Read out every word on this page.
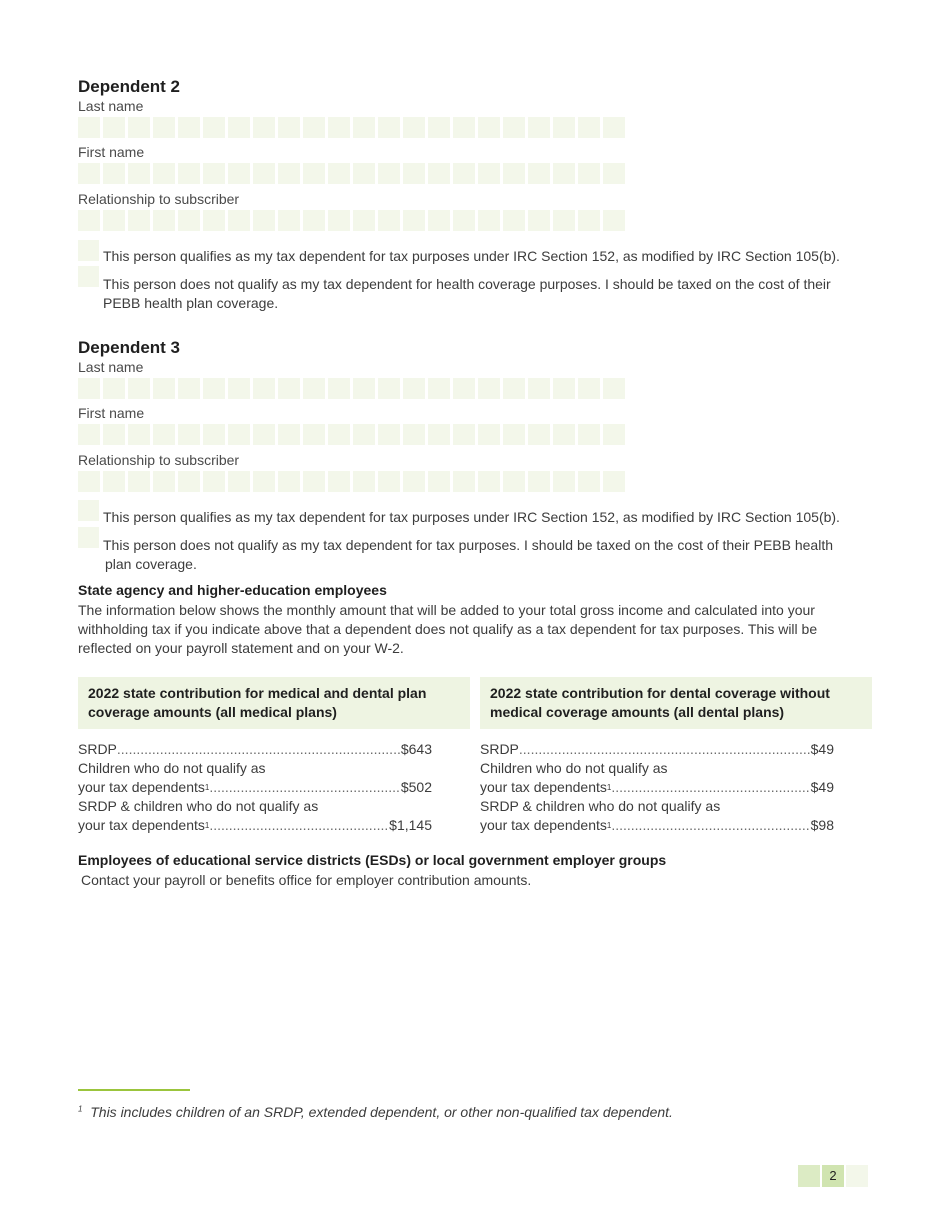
Dependent 2
Last name
First name
Relationship to subscriber
This person qualifies as my tax dependent for tax purposes under IRC Section 152, as modified by IRC Section 105(b).
This person does not qualify as my tax dependent for health coverage purposes. I should be taxed on the cost of their
PEBB health plan coverage.
Dependent 3
Last name
First name
Relationship to subscriber
This person qualifies as my tax dependent for tax purposes under IRC Section 152, as modified by IRC Section 105(b).
This person does not qualify as my tax dependent for tax purposes. I should be taxed on the cost of their PEBB health
plan coverage.
State agency and higher-education employees
The information below shows the monthly amount that will be added to your total gross income and calculated into your
withholding tax if you indicate above that a dependent does not qualify as a tax dependent for tax purposes. This will be
reflected on your payroll statement and on your W-2.
2022 state contribution for medical and dental plan
coverage amounts (all medical plans)
SRDP .....	$643
Children who do not qualify as
your tax dependents 1 .....	$502
SRDP & children who do not qualify as
your tax dependents 1 .....	$1,145
2022 state contribution for dental coverage without
medical coverage amounts (all dental plans)
SRDP .....	$49
Children who do not qualify as
your tax dependents 1 .....	$49
SRDP & children who do not qualify as
your tax dependents 1 .....	$98
Employees of educational service districts (ESDs) or local government employer groups
Contact your payroll or benefits office for employer contribution amounts.
$^1$ This includes children of an SRDP, extended dependent, or other non-qualified tax dependent.
2
